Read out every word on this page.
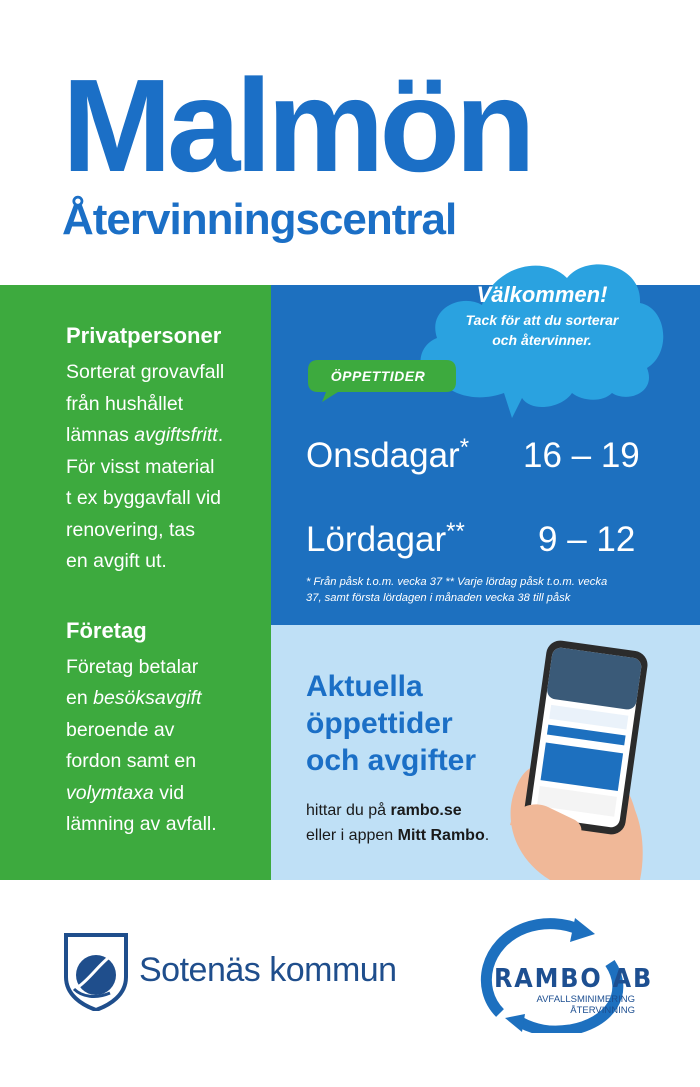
Malmön
Återvinningscentral
Privatpersoner

Sorterat grovavfall
från hushållet
lämnas avgiftsfritt.
För visst material
t ex byggavfall vid
renovering, tas
en avgift ut.

Företag

Företag betalar
en besöksavgift
beroende av
fordon samt en
volymtaxa vid
lämning av avfall.

Välkommen!
Tack för att du sorterar
och återvinner.
ÖPPETTIDER
Onsdagar* 16 – 19
Lördagar** 9 – 12
* Från påsk t.o.m. vecka 37 ** Varje lördag påsk t.o.m. vecka
37, samt första lördagen i månaden vecka 38 till påsk
Aktuella
öppettider
och avgifter
hittar du på rambo.se
eller i appen Mitt Rambo.
Sotenäs kommun	RAMBO AB
AVFALLSMINIMERING
ÅTERVINNING
